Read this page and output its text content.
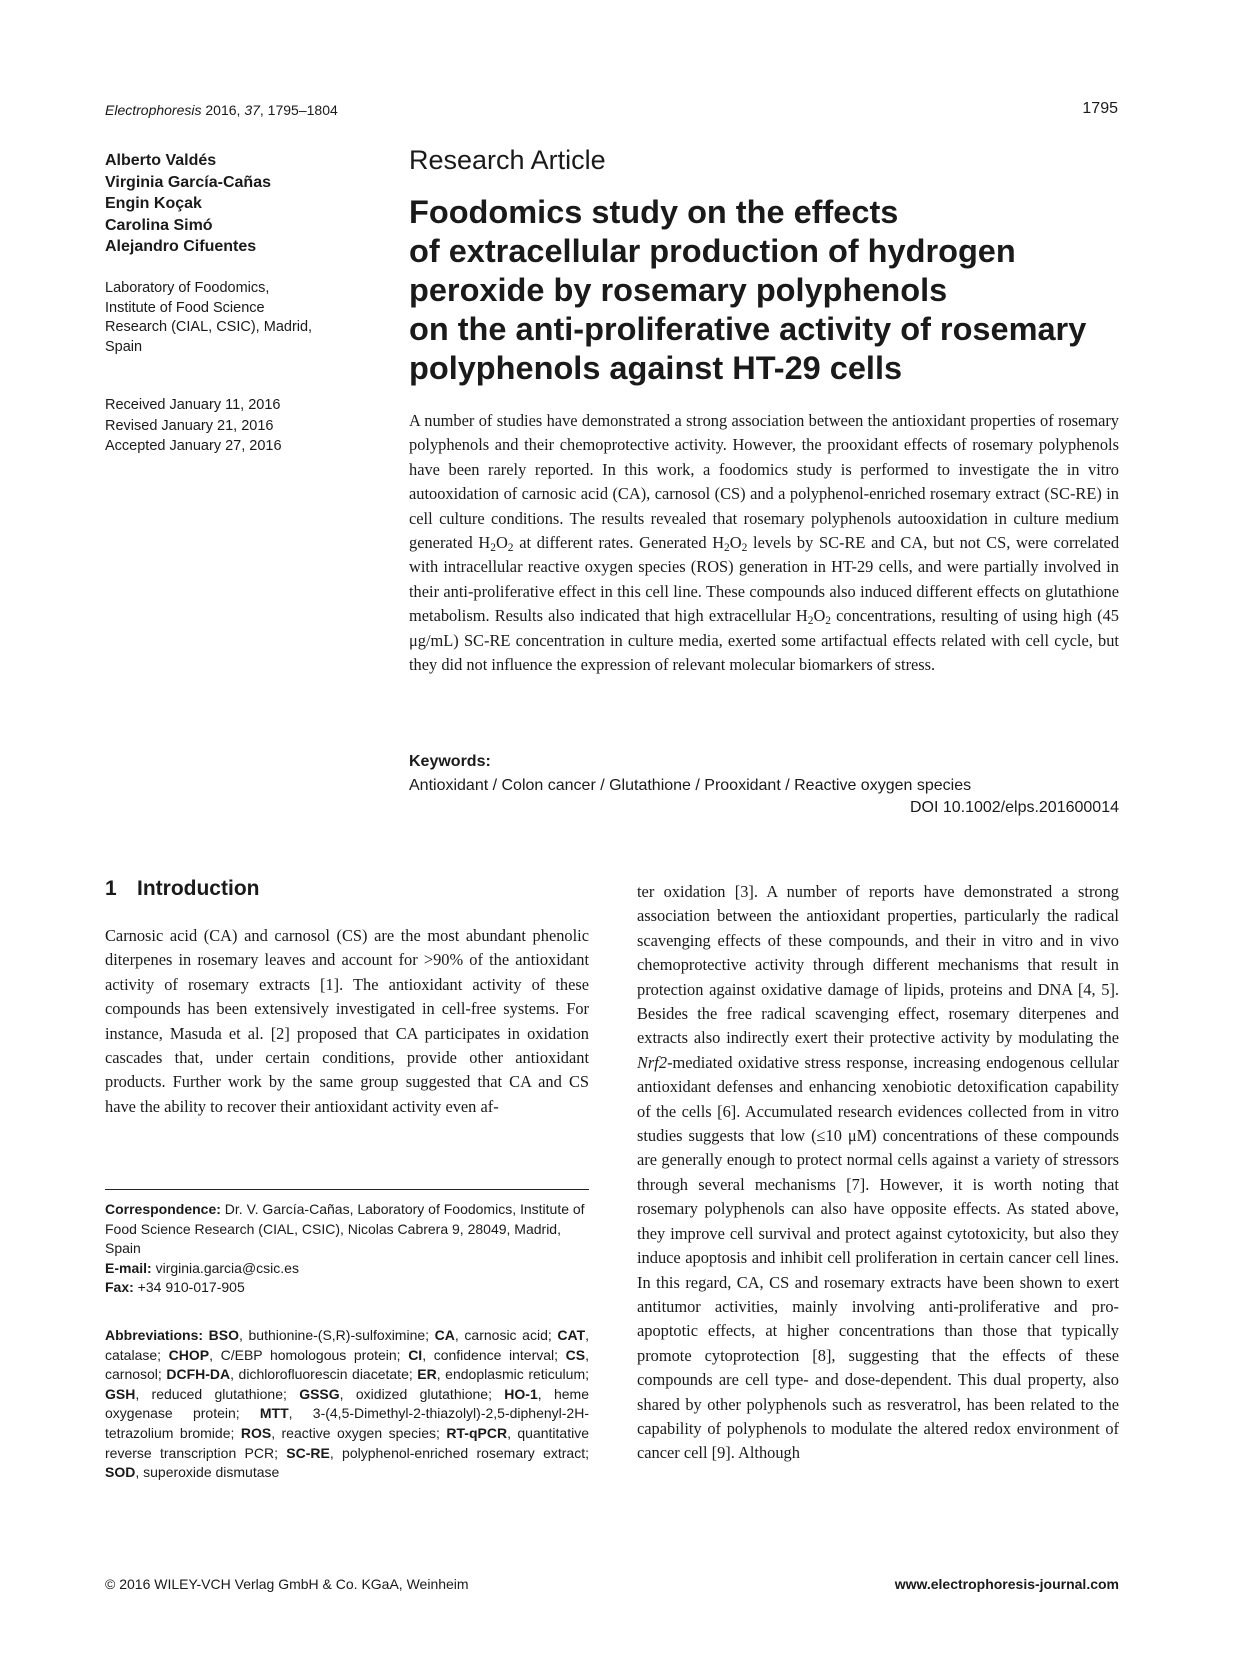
Electrophoresis 2016, 37, 1795–1804	1795
Alberto Valdés
Virginia García-Cañas
Engin Koçak
Carolina Simó
Alejandro Cifuentes
Laboratory of Foodomics,
Institute of Food Science
Research (CIAL, CSIC), Madrid,
Spain
Received January 11, 2016
Revised January 21, 2016
Accepted January 27, 2016
Research Article
Foodomics study on the effects
of extracellular production of hydrogen
peroxide by rosemary polyphenols
on the anti-proliferative activity of rosemary
polyphenols against HT-29 cells

A number of studies have demonstrated a strong association between the antioxidant properties of rosemary polyphenols and their chemoprotective activity. However, the prooxidant effects of rosemary polyphenols have been rarely reported. In this work, a foodomics study is performed to investigate the in vitro autooxidation of carnosic acid (CA), carnosol (CS) and a polyphenol-enriched rosemary extract (SC-RE) in cell culture conditions. The results revealed that rosemary polyphenols autooxidation in culture medium generated $H_2O_2$ at different rates. Generated $H_2O_2$ levels by SC-RE and CA, but not CS, were correlated with intracellular reactive oxygen species (ROS) generation in HT-29 cells, and were partially involved in their anti-proliferative effect in this cell line. These compounds also induced different effects on glutathione metabolism. Results also indicated that high extracellular $H_2O_2$ concentrations, resulting of using high (45 μg/mL) SC-RE concentration in culture media, exerted some artifactual effects related with cell cycle, but they did not influence the expression of relevant molecular biomarkers of stress.

Keywords:
Antioxidant / Colon cancer / Glutathione / Prooxidant / Reactive oxygen species
DOI 10.1002/elps.201600014
1 Introduction

Carnosic acid (CA) and carnosol (CS) are the most abundant phenolic diterpenes in rosemary leaves and account for >90% of the antioxidant activity of rosemary extracts [1]. The antioxidant activity of these compounds has been extensively investigated in cell-free systems. For instance, Masuda et al. [2] proposed that CA participates in oxidation cascades that, under certain conditions, provide other antioxidant products. Further work by the same group suggested that CA and CS have the ability to recover their antioxidant activity even af-

ter oxidation [3]. A number of reports have demonstrated a strong association between the antioxidant properties, particularly the radical scavenging effects of these compounds, and their in vitro and in vivo chemoprotective activity through different mechanisms that result in protection against oxidative damage of lipids, proteins and DNA [4, 5]. Besides the free radical scavenging effect, rosemary diterpenes and extracts also indirectly exert their protective activity by modulating the Nrf2-mediated oxidative stress response, increasing endogenous cellular antioxidant defenses and enhancing xenobiotic detoxification capability of the cells [6]. Accumulated research evidences collected from in vitro studies suggests that low (≤10 μM) concentrations of these compounds are generally enough to protect normal cells against a variety of stressors through several mechanisms [7]. However, it is worth noting that rosemary polyphenols can also have opposite effects. As stated above, they improve cell survival and protect against cytotoxicity, but also they induce apoptosis and inhibit cell proliferation in certain cancer cell lines. In this regard, CA, CS and rosemary extracts have been shown to exert antitumor activities, mainly involving anti-proliferative and pro-apoptotic effects, at higher concentrations than those that typically promote cytoprotection [8], suggesting that the effects of these compounds are cell type- and dose-dependent. This dual property, also shared by other polyphenols such as resveratrol, has been related to the capability of polyphenols to modulate the altered redox environment of cancer cell [9]. Although

Correspondence: Dr. V. García-Cañas, Laboratory of Foodomics, Institute of Food Science Research (CIAL, CSIC), Nicolas Cabrera 9, 28049, Madrid, Spain
E-mail: virginia.garcia@csic.es
Fax: +34 910-017-905
Abbreviations: BSO, buthionine-(S,R)-sulfoximine; CA, carnosic acid; CAT, catalase; CHOP, C/EBP homologous protein; CI, confidence interval; CS, carnosol; DCFH-DA, dichlorofluorescin diacetate; ER, endoplasmic reticulum; GSH, reduced glutathione; GSSG, oxidized glutathione; HO-1, heme oxygenase protein; MTT, 3-(4,5-Dimethyl-2-thiazolyl)-2,5-diphenyl-2H-tetrazolium bromide; ROS, reactive oxygen species; RT-qPCR, quantitative reverse transcription PCR; SC-RE, polyphenol-enriched rosemary extract; SOD, superoxide dismutase
© 2016 WILEY-VCH Verlag GmbH & Co. KGaA, Weinheim	www.electrophoresis-journal.com
